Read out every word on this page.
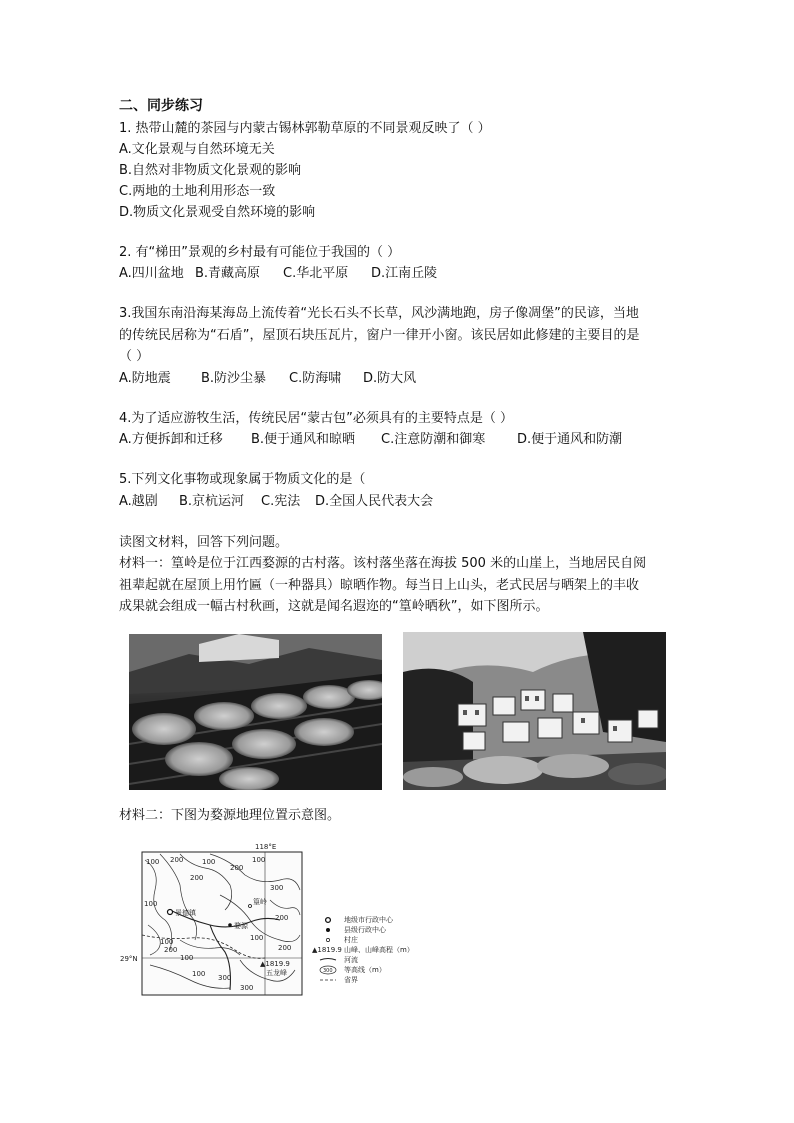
二、同步练习
1. 热带山麓的茶园与内蒙古锡林郭勒草原的不同景观反映了（ ）
A.文化景观与自然环境无关
B.自然对非物质文化景观的影响
C.两地的土地利用形态一致
D.物质文化景观受自然环境的影响
2. 有“梯田”景观的乡村最有可能位于我国的（ ）
A.四川盆地 B.青藏高原 C.华北平原 D.江南丘陵
3.我国东南沿海某海岛上流传着“光长石头不长草，风沙满地跑，房子像凋堡”的民谚，当地
的传统民居称为“石盾”，屋顶石块压瓦片，窗户一律开小窗。该民居如此修建的主要目的是
（ ）
A.防地震 B.防沙尘暴 C.防海啸 D.防大风
4.为了适应游牧生活，传统民居“蒙古包”必须具有的主要特点是（ ）
A.方便拆卸和迁移 B.便于通风和晾晒 C.注意防潮和御寒 D.便于通风和防潮
5.下列文化事物或现象属于物质文化的是（
A.越剧 B.京杭运河 C.宪法 D.全国人民代表大会
读图文材料，回答下列问题。
材料一：篁岭是位于江西婺源的古村落。该村落坐落在海拔 500 米的山崖上，当地居民自阅
祖辈起就在屋顶上用竹匾（一种器具）晾晒作物。每当日上山头，老式民居与晒架上的丰收
成果就会组成一幅古村秋画，这就是闻名遐迩的“篁岭晒秋”，如下图所示。
材料二：下图为婺源地理位置示意图。
118°E
29°N
100 200	100
200
100
200
100
300
200
100
100
200
300
100
300
200
100
景德镇
婺源
篁岭
▲1819.9
五龙峰
地级市行政中心
县级行政中心
村庄
▲1819.9 山峰、山峰高程（m）
河流
300 等高线（m）
省界
